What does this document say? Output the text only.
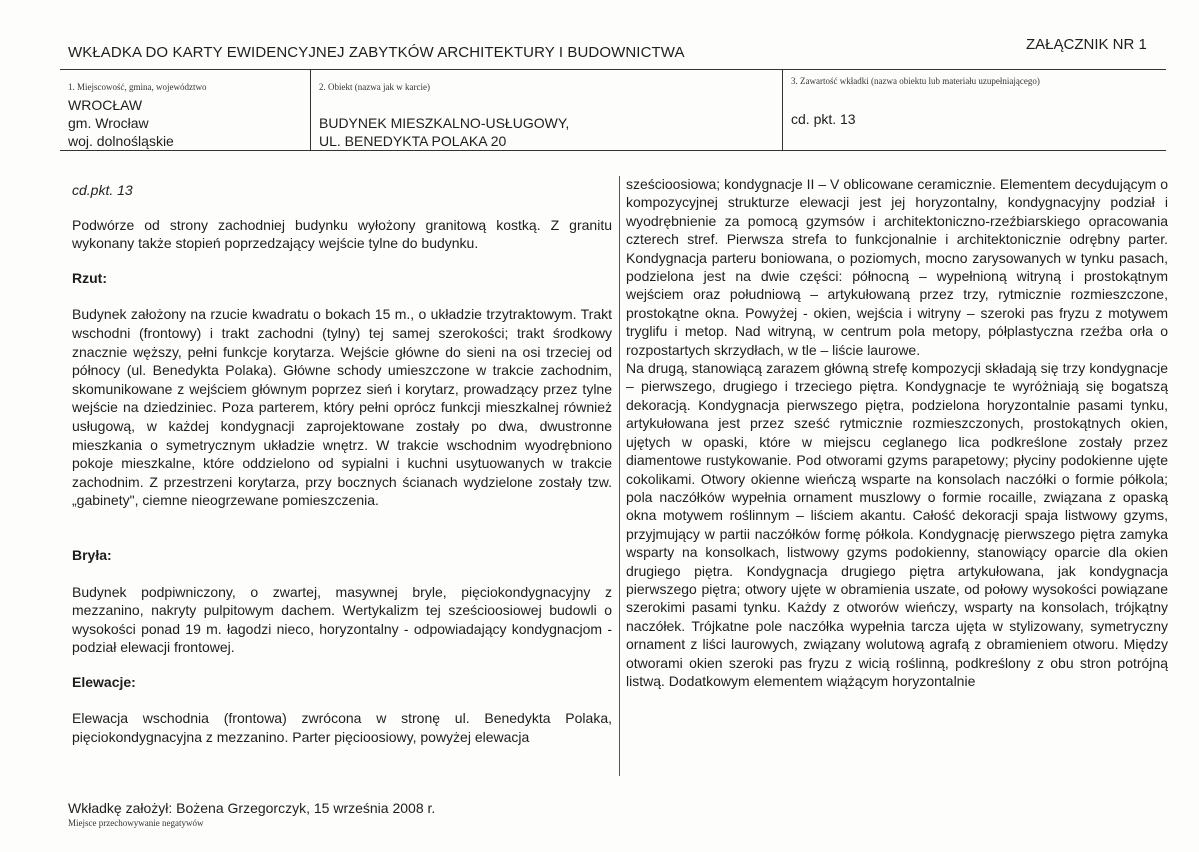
WKŁADKA DO KARTY EWIDENCYJNEJ ZABYTKÓW ARCHITEKTURY I BUDOWNICTWA	ZAŁĄCZNIK NR 1
1. Miejscowość, gmina, województwo
WROCŁAW
gm. Wrocław
woj. dolnośląskie
2. Obiekt (nazwa jak w karcie)
BUDYNEK MIESZKALNO-USŁUGOWY,
UL. BENEDYKTA POLAKA 20
3. Zawartość wkładki (nazwa obiektu lub materiału uzupełniającego)
cd. pkt. 13

cd.pkt. 13

Podwórze od strony zachodniej budynku wyłożony granitową kostką. Z granitu wykonany także stopień poprzedzający wejście tylne do budynku.

Rzut:

Budynek założony na rzucie kwadratu o bokach 15 m., o układzie trzytraktowym. Trakt wschodni (frontowy) i trakt zachodni (tylny) tej samej szerokości; trakt środkowy znacznie węższy, pełni funkcje korytarza. Wejście główne do sieni na osi trzeciej od północy (ul. Benedykta Polaka). Główne schody umieszczone w trakcie zachodnim, skomunikowane z wejściem głównym poprzez sień i korytarz, prowadzący przez tylne wejście na dziedziniec. Poza parterem, który pełni oprócz funkcji mieszkalnej również usługową, w każdej kondygnacji zaprojektowane zostały po dwa, dwustronne mieszkania o symetrycznym układzie wnętrz. W trakcie wschodnim wyodrębniono pokoje mieszkalne, które oddzielono od sypialni i kuchni usytuowanych w trakcie zachodnim. Z przestrzeni korytarza, przy bocznych ścianach wydzielone zostały tzw. „gabinety", ciemne nieogrzewane pomieszczenia.

Bryła:

Budynek podpiwniczony, o zwartej, masywnej bryle, pięciokondygnacyjny z mezzanino, nakryty pulpitowym dachem. Wertykalizm tej sześcioosiowej budowli o wysokości ponad 19 m. łagodzi nieco, horyzontalny - odpowiadający kondygnacjom - podział elewacji frontowej.

Elewacje:

Elewacja wschodnia (frontowa) zwrócona w stronę ul. Benedykta Polaka, pięciokondygnacyjna z mezzanino. Parter pięcioosiowy, powyżej elewacja

sześcioosiowa; kondygnacje II – V oblicowane ceramicznie. Elementem decydującym o kompozycyjnej strukturze elewacji jest jej horyzontalny, kondygnacyjny podział i wyodrębnienie za pomocą gzymsów i architektoniczno-rzeźbiarskiego opracowania czterech stref. Pierwsza strefa to funkcjonalnie i architektonicznie odrębny parter. Kondygnacja parteru boniowana, o poziomych, mocno zarysowanych w tynku pasach, podzielona jest na dwie części: północną – wypełnioną witryną i prostokątnym wejściem oraz południową – artykułowaną przez trzy, rytmicznie rozmieszczone, prostokątne okna. Powyżej - okien, wejścia i witryny – szeroki pas fryzu z motywem tryglifu i metop. Nad witryną, w centrum pola metopy, półplastyczna rzeźba orła o rozpostartych skrzydłach, w tle – liście laurowe.

Na drugą, stanowiącą zarazem główną strefę kompozycji składają się trzy kondygnacje – pierwszego, drugiego i trzeciego piętra. Kondygnacje te wyróżniają się bogatszą dekoracją. Kondygnacja pierwszego piętra, podzielona horyzontalnie pasami tynku, artykułowana jest przez sześć rytmicznie rozmieszczonych, prostokątnych okien, ujętych w opaski, które w miejscu ceglanego lica podkreślone zostały przez diamentowe rustykowanie. Pod otworami gzyms parapetowy; płyciny podokienne ujęte cokolikami. Otwory okienne wieńczą wsparte na konsolach naczółki o formie półkola; pola naczółków wypełnia ornament muszlowy o formie rocaille, związana z opaską okna motywem roślinnym – liściem akantu. Całość dekoracji spaja listwowy gzyms, przyjmujący w partii naczółków formę półkola. Kondygnację pierwszego piętra zamyka wsparty na konsolkach, listwowy gzyms podokienny, stanowiący oparcie dla okien drugiego piętra. Kondygnacja drugiego piętra artykułowana, jak kondygnacja pierwszego piętra; otwory ujęte w obramienia uszate, od połowy wysokości powiązane szerokimi pasami tynku. Każdy z otworów wieńczy, wsparty na konsolach, trójkątny naczółek. Trójkatne pole naczółka wypełnia tarcza ujęta w stylizowany, symetryczny ornament z liści laurowych, związany wolutową agrafą z obramieniem otworu. Między otworami okien szeroki pas fryzu z wicią roślinną, podkreślony z obu stron potrójną listwą. Dodatkowym elementem wiążącym horyzontalnie

Wkładkę założył: Bożena Grzegorczyk, 15 września 2008 r.
Miejsce przechowywanie negatywów
